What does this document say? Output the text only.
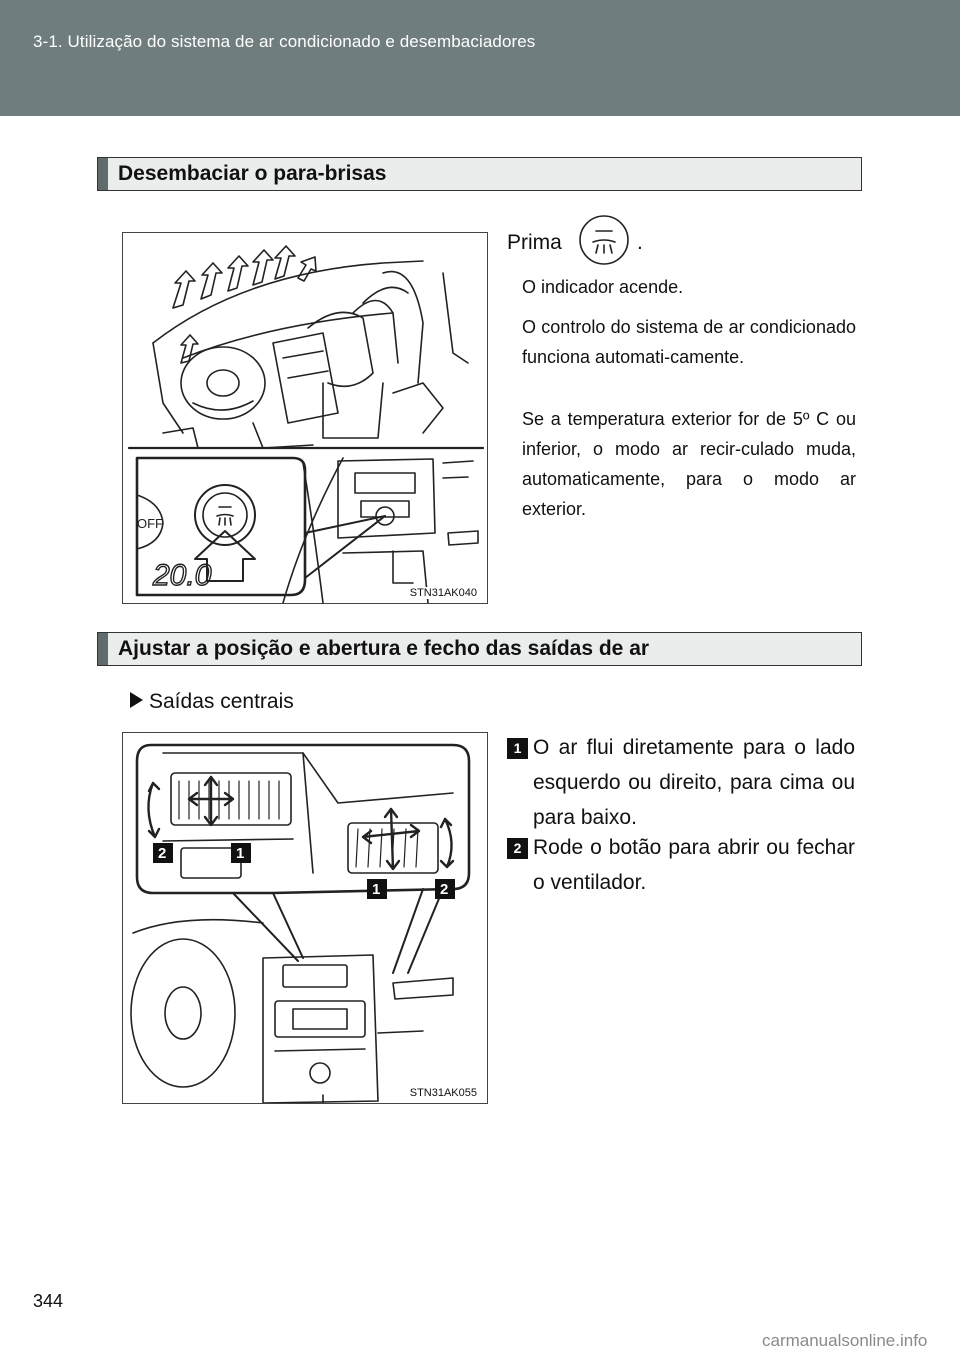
3-1. Utilização do sistema de ar condicionado e desembaciadores
Desembaciar o para-brisas
OFF
20.0
STN31AK040
Prima	.
O indicador acende.
O controlo do sistema de ar condicionado funciona automati-camente.
Se a temperatura exterior for de 5º C ou inferior, o modo ar recir-culado muda, automaticamente, para o modo ar exterior.
Ajustar a posição e abertura e fecho das saídas de ar
Saídas centrais
2	1
1	2
STN31AK055
1 O ar flui diretamente para o lado esquerdo ou direito, para cima ou para baixo.
2 Rode o botão para abrir ou fechar o ventilador.
344
carmanualsonline.info
